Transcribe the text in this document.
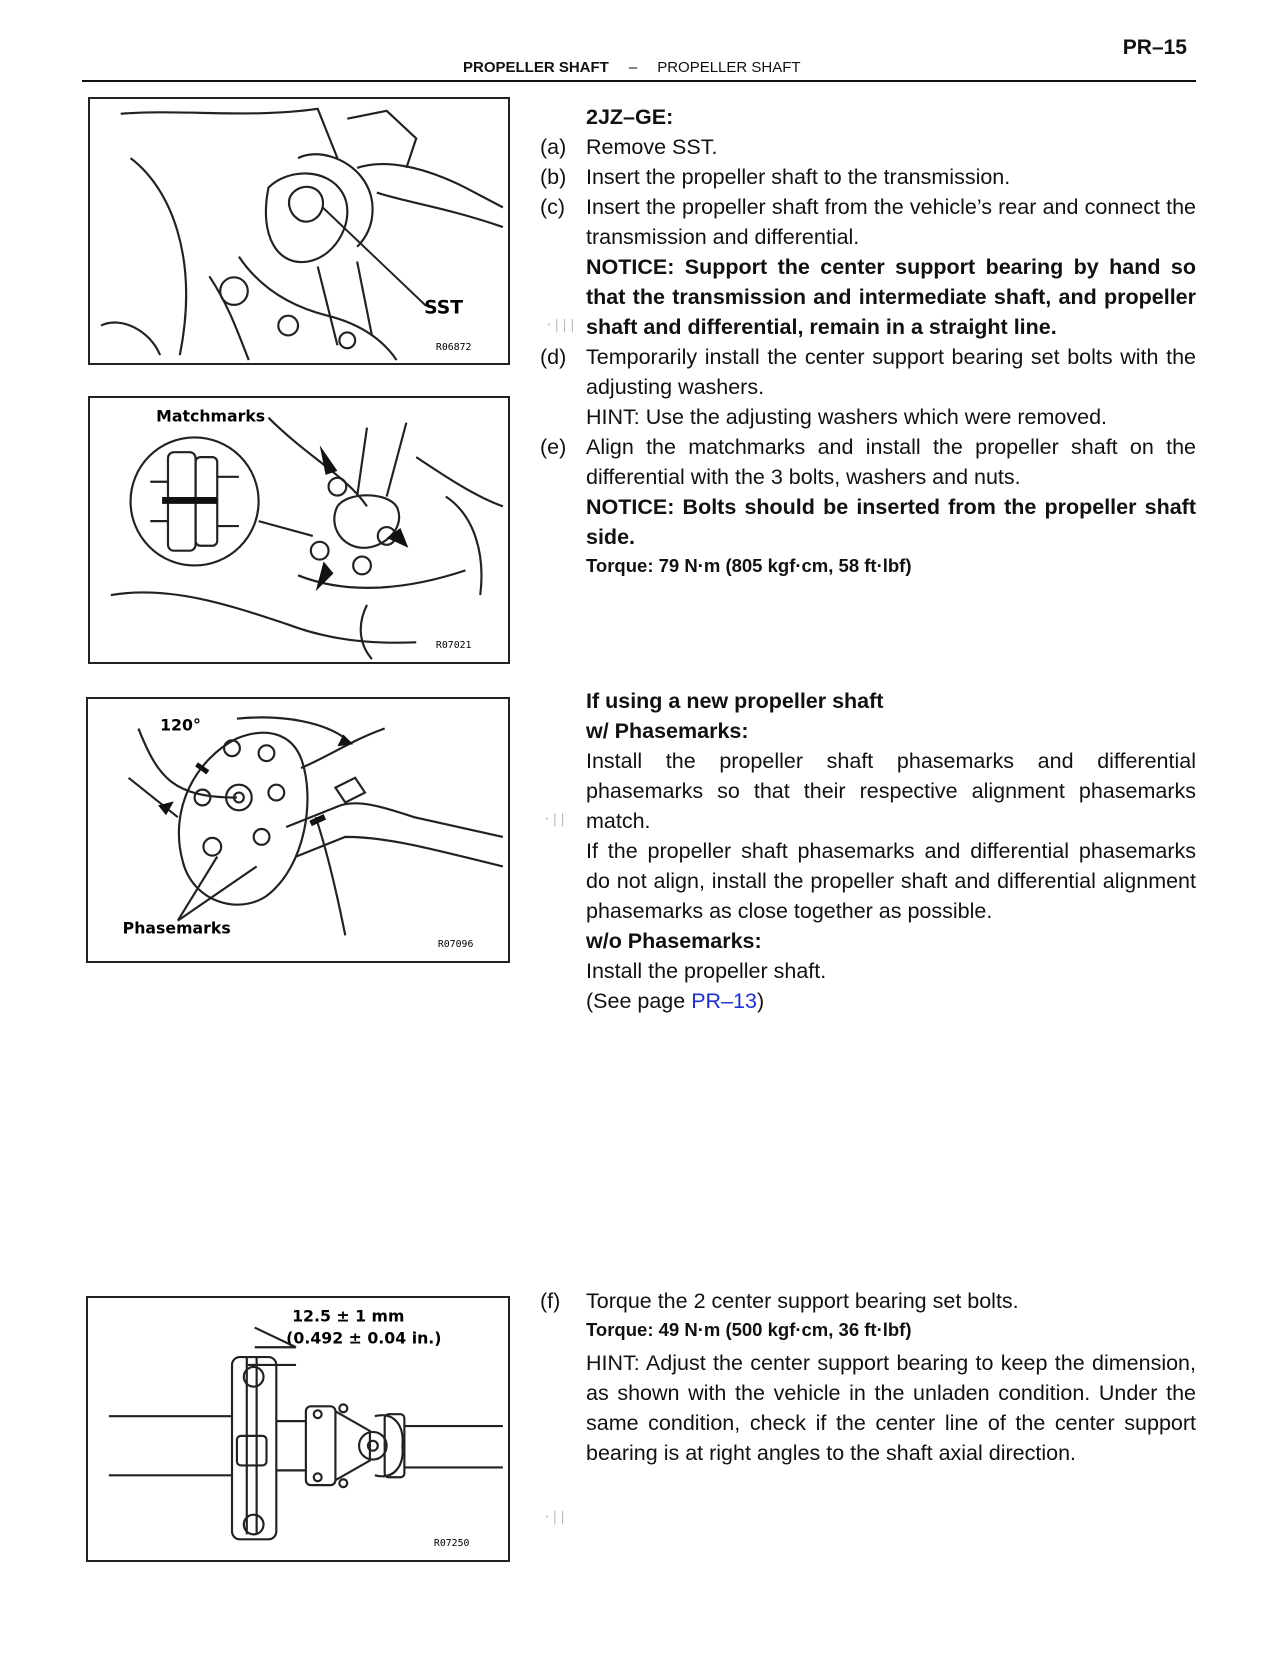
PR–15
PROPELLER SHAFT – PROPELLER SHAFT
SST
R06872
Matchmarks
R07021
120°
Phasemarks
R07096
12.5 ± 1 mm
(0.492 ± 0.04 in.)
R07250
·|||
·||
·||
2JZ–GE:
(a) Remove SST.
(b) Insert the propeller shaft to the transmission.
(c) Insert the propeller shaft from the vehicle’s rear and connect the transmission and differential.
NOTICE: Support the center support bearing by hand so that the transmission and intermediate shaft, and propeller shaft and differential, remain in a straight line.
(d) Temporarily install the center support bearing set bolts with the adjusting washers.
HINT: Use the adjusting washers which were removed.
(e) Align the matchmarks and install the propeller shaft on the differential with the 3 bolts, washers and nuts.
NOTICE: Bolts should be inserted from the propeller shaft side.
Torque: 79 N·m (805 kgf·cm, 58 ft·lbf)
If using a new propeller shaft
w/ Phasemarks:
Install the propeller shaft phasemarks and differential phasemarks so that their respective alignment phasemarks match.
If the propeller shaft phasemarks and differential phasemarks do not align, install the propeller shaft and differential alignment phasemarks as close together as possible.
w/o Phasemarks:
Install the propeller shaft.
(See page PR–13)
(f)	Torque the 2 center support bearing set bolts.
Torque: 49 N·m (500 kgf·cm, 36 ft·lbf)
HINT: Adjust the center support bearing to keep the dimension, as shown with the vehicle in the unladen condition. Under the same condition, check if the center line of the center support bearing is at right angles to the shaft axial direction.
